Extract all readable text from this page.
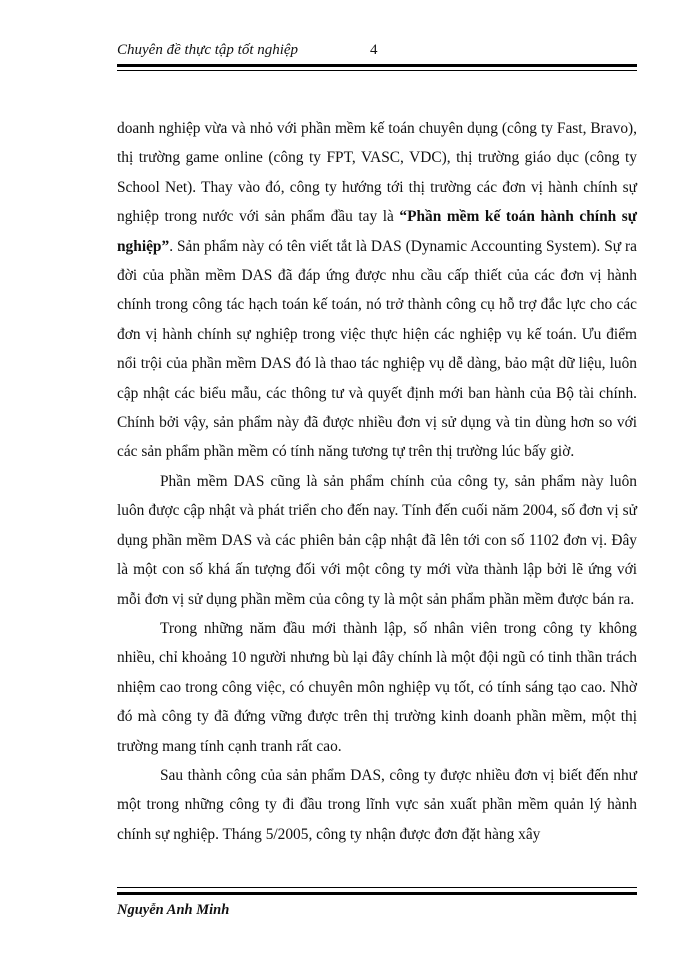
Chuyên đề thực tập tốt nghiệp	4

doanh nghiệp vừa và nhỏ với phần mềm kế toán chuyên dụng (công ty Fast, Bravo), thị trường game online (công ty FPT, VASC, VDC), thị trường giáo dục (công ty School Net). Thay vào đó, công ty hướng tới thị trường các đơn vị hành chính sự nghiệp trong nước với sản phẩm đầu tay là “Phần mềm kế toán hành chính sự nghiệp”. Sản phẩm này có tên viết tắt là DAS (Dynamic Accounting System). Sự ra đời của phần mềm DAS đã đáp ứng được nhu cầu cấp thiết của các đơn vị hành chính trong công tác hạch toán kế toán, nó trở thành công cụ hỗ trợ đắc lực cho các đơn vị hành chính sự nghiệp trong việc thực hiện các nghiệp vụ kế toán. Ưu điểm nổi trội của phần mềm DAS đó là thao tác nghiệp vụ dễ dàng, bảo mật dữ liệu, luôn cập nhật các biểu mẫu, các thông tư và quyết định mới ban hành của Bộ tài chính. Chính bởi vậy, sản phẩm này đã được nhiều đơn vị sử dụng và tin dùng hơn so với các sản phẩm phần mềm có tính năng tương tự trên thị trường lúc bấy giờ.

Phần mềm DAS cũng là sản phẩm chính của công ty, sản phẩm này luôn luôn được cập nhật và phát triển cho đến nay. Tính đến cuối năm 2004, số đơn vị sử dụng phần mềm DAS và các phiên bản cập nhật đã lên tới con số 1102 đơn vị. Đây là một con số khá ấn tượng đối với một công ty mới vừa thành lập bởi lẽ ứng với mỗi đơn vị sử dụng phần mềm của công ty là một sản phẩm phần mềm được bán ra.

Trong những năm đầu mới thành lập, số nhân viên trong công ty không nhiều, chỉ khoảng 10 người nhưng bù lại đây chính là một đội ngũ có tinh thần trách nhiệm cao trong công việc, có chuyên môn nghiệp vụ tốt, có tính sáng tạo cao. Nhờ đó mà công ty đã đứng vững được trên thị trường kinh doanh phần mềm, một thị trường mang tính cạnh tranh rất cao.

Sau thành công của sản phẩm DAS, công ty được nhiều đơn vị biết đến như một trong những công ty đi đầu trong lĩnh vực sản xuất phần mềm quản lý hành chính sự nghiệp. Tháng 5/2005, công ty nhận được đơn đặt hàng xây

Nguyễn Anh Minh
